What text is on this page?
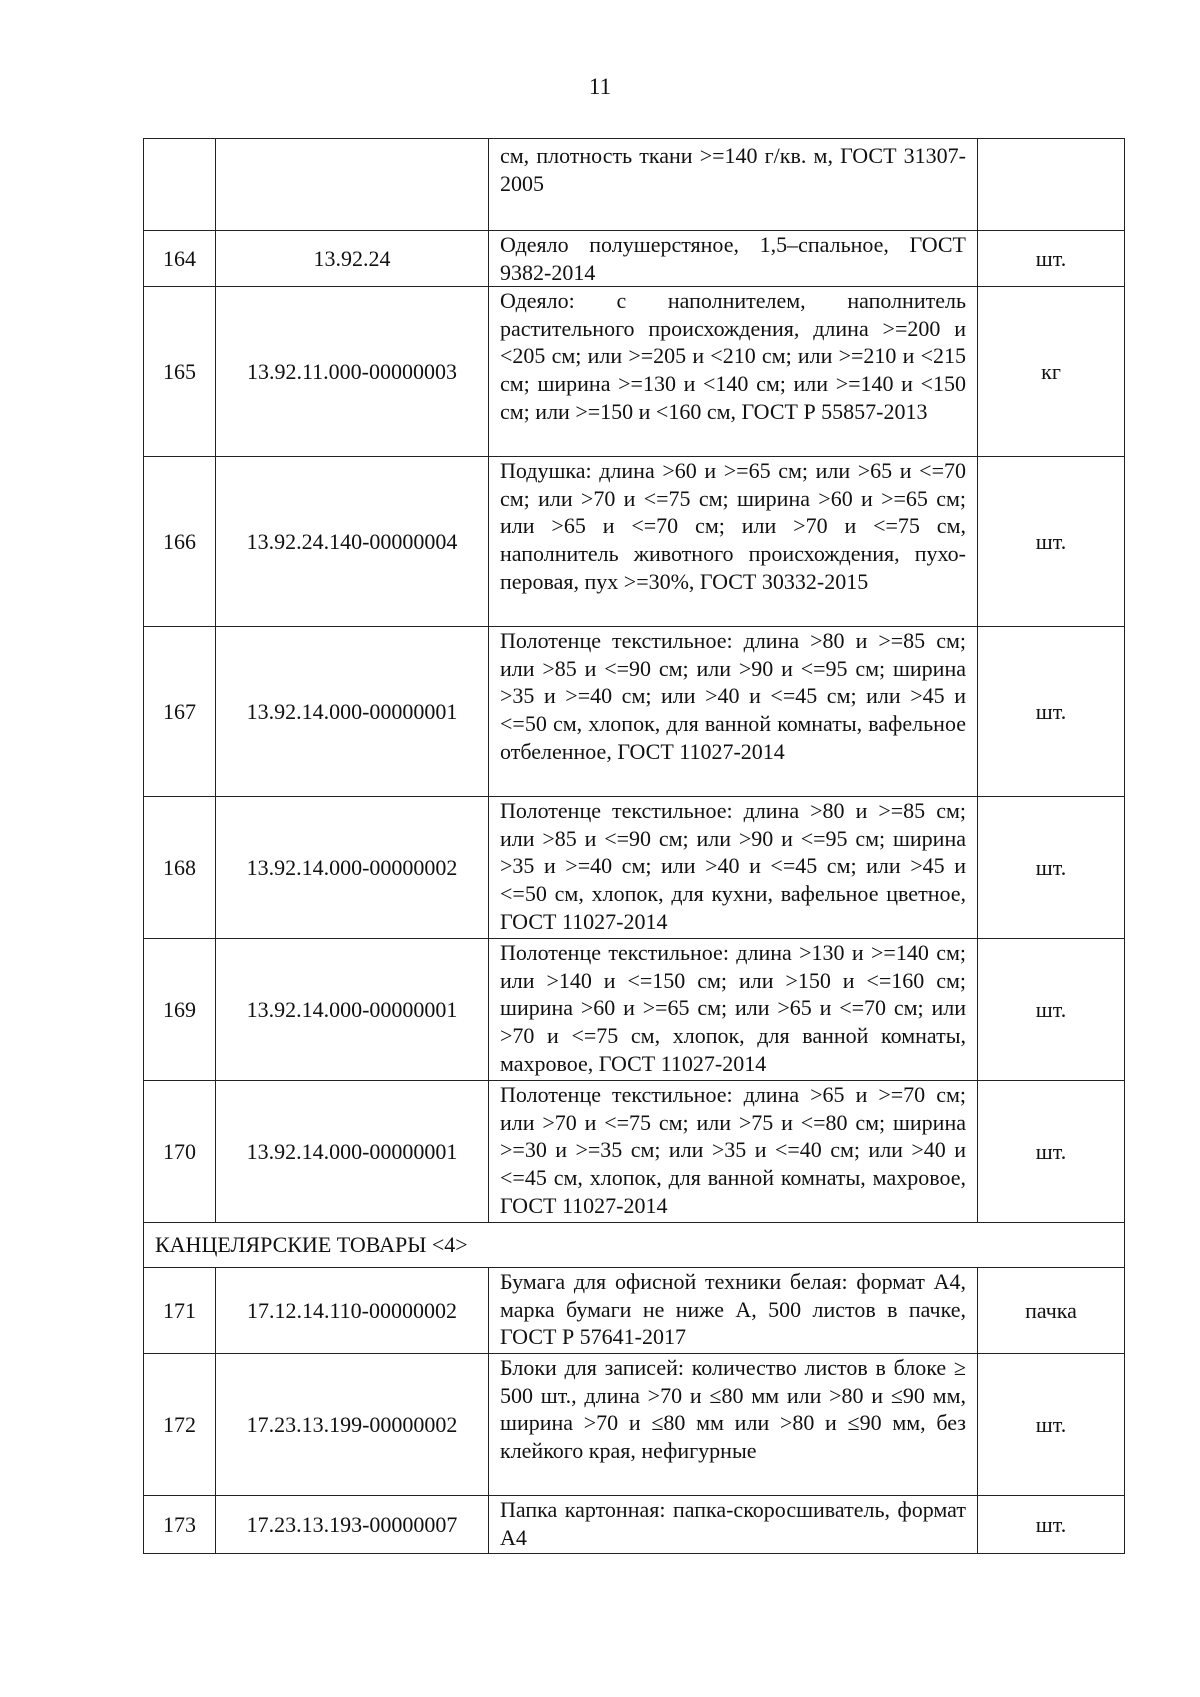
11
		см, плотность ткани >=140 г/кв. м, ГОСТ 31307-2005	
164	13.92.24	Одеяло полушерстяное, 1,5–спальное, ГОСТ 9382-2014	шт.
165	13.92.11.000-00000003	Одеяло: с наполнителем, наполнитель растительного происхождения, длина >=200 и <205 см; или >=205 и <210 см; или >=210 и <215 см; ширина >=130 и <140 см; или >=140 и <150 см; или >=150 и <160 см, ГОСТ Р 55857-2013	кг
166	13.92.24.140-00000004	Подушка: длина >60 и >=65 см; или >65 и <=70 см; или >70 и <=75 см; ширина >60 и >=65 см; или >65 и <=70 см; или >70 и <=75 см, наполнитель животного происхождения, пухо-перовая, пух >=30%, ГОСТ 30332-2015	шт.
167	13.92.14.000-00000001	Полотенце текстильное: длина >80 и >=85 см; или >85 и <=90 см; или >90 и <=95 см; ширина >35 и >=40 см; или >40 и <=45 см; или >45 и <=50 см, хлопок, для ванной комнаты, вафельное отбеленное, ГОСТ 11027-2014	шт.
168	13.92.14.000-00000002	Полотенце текстильное: длина >80 и >=85 см; или >85 и <=90 см; или >90 и <=95 см; ширина >35 и >=40 см; или >40 и <=45 см; или >45 и <=50 см, хлопок, для кухни, вафельное цветное, ГОСТ 11027-2014	шт.
169	13.92.14.000-00000001	Полотенце текстильное: длина >130 и >=140 см; или >140 и <=150 см; или >150 и <=160 см; ширина >60 и >=65 см; или >65 и <=70 см; или >70 и <=75 см, хлопок, для ванной комнаты, махровое, ГОСТ 11027-2014	шт.
170	13.92.14.000-00000001	Полотенце текстильное: длина >65 и >=70 см; или >70 и <=75 см; или >75 и <=80 см; ширина >=30 и >=35 см; или >35 и <=40 см; или >40 и <=45 см, хлопок, для ванной комнаты, махровое, ГОСТ 11027-2014	шт.
КАНЦЕЛЯРСКИЕ ТОВАРЫ <4>			
171	17.12.14.110-00000002	Бумага для офисной техники белая: формат А4, марка бумаги не ниже А, 500 листов в пачке, ГОСТ Р 57641-2017	пачка
172	17.23.13.199-00000002	Блоки для записей: количество листов в блоке ≥ 500 шт., длина >70 и ≤80 мм или >80 и ≤90 мм, ширина >70 и ≤80 мм или >80 и ≤90 мм, без клейкого края, нефигурные	шт.
173	17.23.13.193-00000007	Папка картонная: папка-скоросшиватель, формат А4	шт.
